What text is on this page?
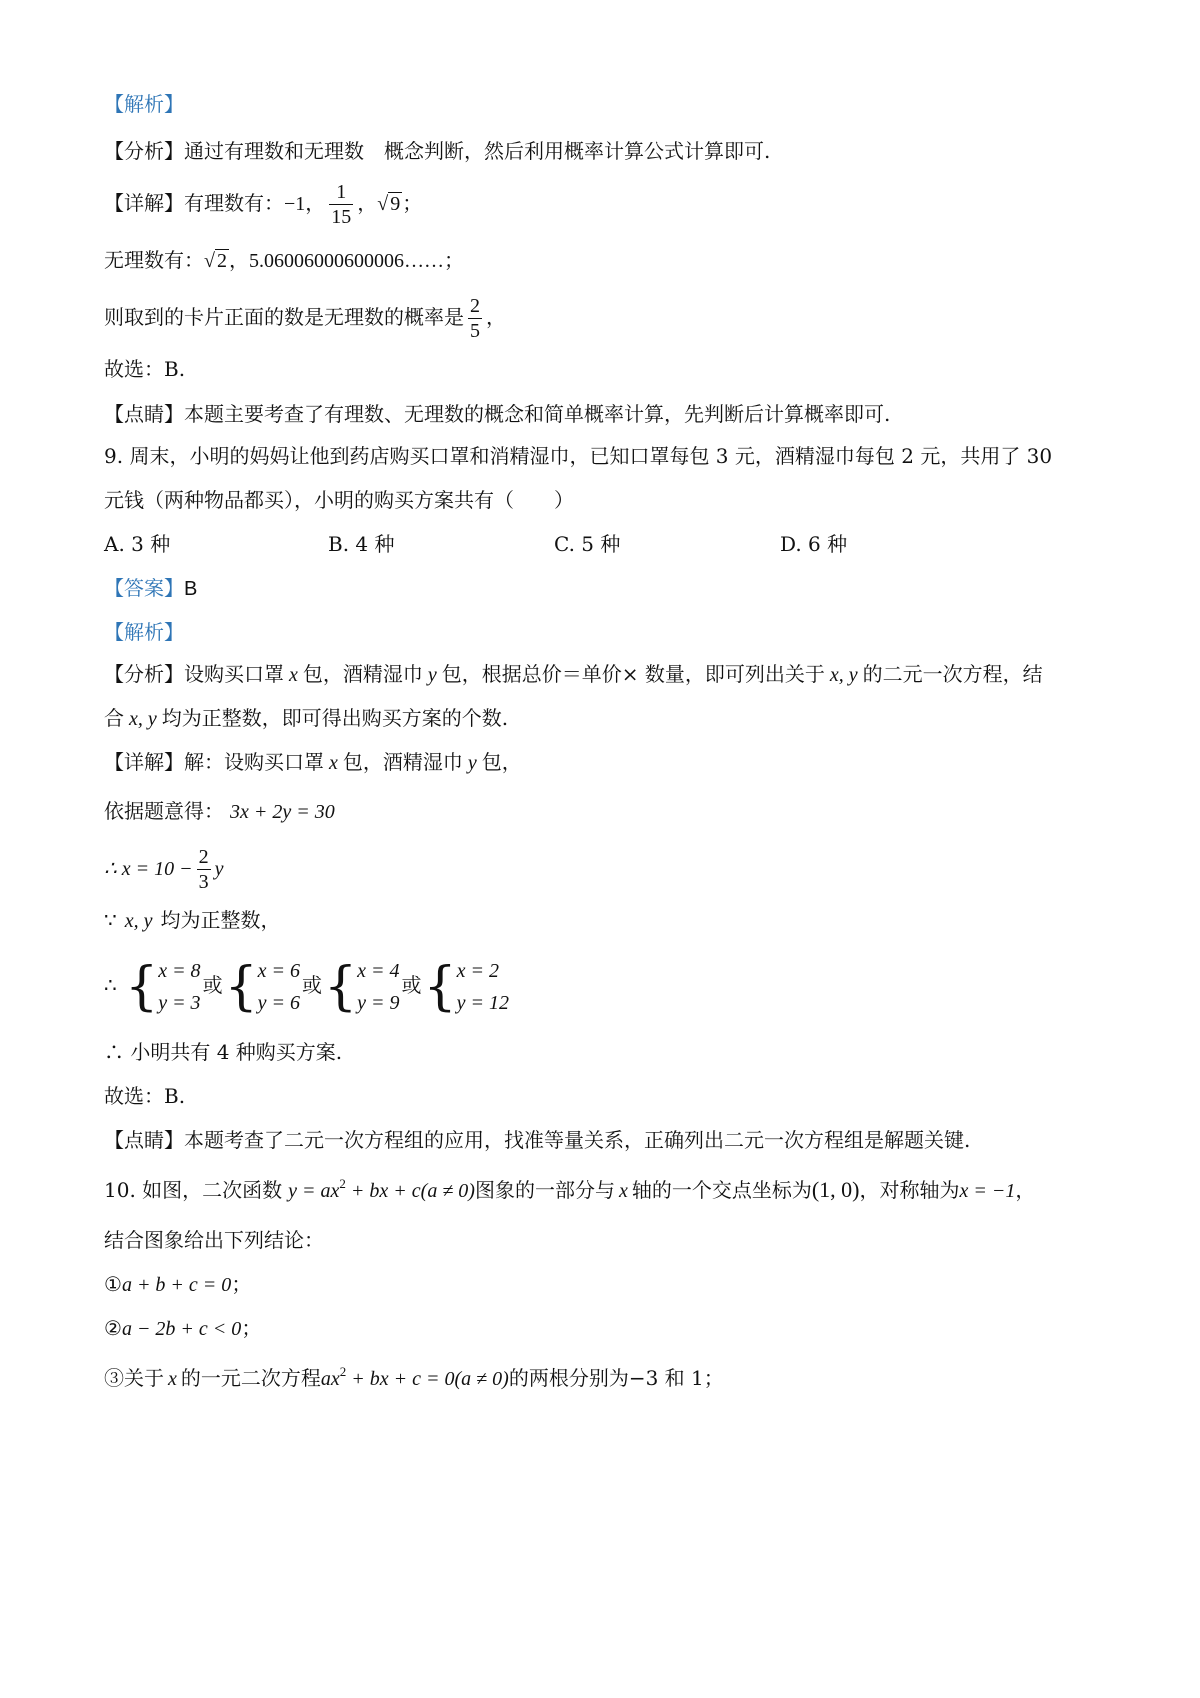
【解析】
【分析】通过有理数和无理数　概念判断，然后利用概率计算公式计算即可.
【详解】有理数有：−1， $\frac{1}{15}$ ，√ 9 ；
无理数有：√ 2 ，5.06006000600006……；
则取到的卡片正面的数是无理数的概率是 $\frac{2}{5}$ ，
故选：B.
【点睛】本题主要考查了有理数、无理数的概念和简单概率计算，先判断后计算概率即可.
9. 周末，小明的妈妈让他到药店购买口罩和消精湿巾，已知口罩每包 3 元，酒精湿巾每包 2 元，共用了 30
元钱（两种物品都买），小明的购买方案共有（　　）
A. 3 种	B. 4 种	C. 5 种	D. 6 种
【答案】B
【解析】
【分析】设购买口罩 x 包，酒精湿巾 y 包，根据总价＝单价× 数量，即可列出关于 x, y 的二元一次方程，结
合 x, y 均为正整数，即可得出购买方案的个数.
【详解】解：设购买口罩 x 包，酒精湿巾 y 包，
依据题意得： 3x + 2y = 30
∴ $x = 10 - \frac{2}{3}$ y
∵ x, y 均为正整数，
∴ { x = 8
y = 3
或 { x = 6
y = 6
或 { x = 4
y = 9
或 { x = 2
y = 12
∴ 小明共有 4 种购买方案.
故选：B.
【点睛】本题考查了二元一次方程组的应用，找准等量关系，正确列出二元一次方程组是解题关键.
10. 如图，二次函数 $y = ax^2$ + bx + c(a ≠ 0)图象的一部分与 x 轴的一个交点坐标为(1, 0)，对称轴为x = −1，
结合图象给出下列结论：
①a + b + c = 0；
②a − 2b + c < 0；
③关于 x 的一元二次方程$ax^2$ + bx + c = 0(a ≠ 0)的两根分别为−3 和 1；
